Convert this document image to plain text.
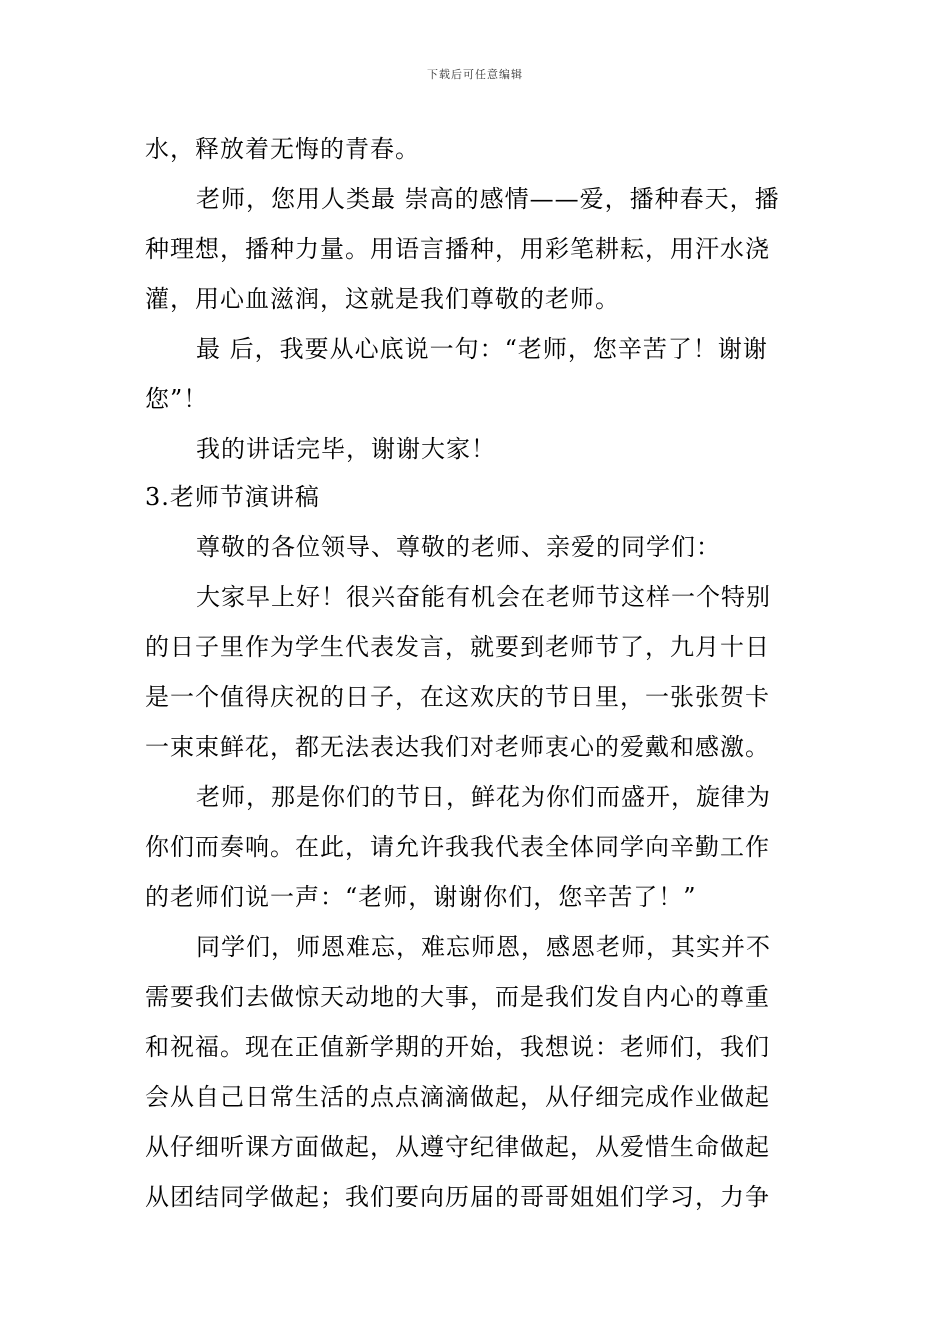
下载后可任意编辑
水，释放着无悔的青春。
老师，您用人类最 崇高的感情——爱，播种春天，播
种理想，播种力量。用语言播种，用彩笔耕耘，用汗水浇
灌，用心血滋润，这就是我们尊敬的老师。
最 后，我要从心底说一句：“老师，您辛苦了！谢谢
您”！
我的讲话完毕，谢谢大家！
3.老师节演讲稿
尊敬的各位领导、尊敬的老师、亲爱的同学们：
大家早上好！很兴奋能有机会在老师节这样一个特别
的日子里作为学生代表发言，就要到老师节了，九月十日
是一个值得庆祝的日子，在这欢庆的节日里，一张张贺卡
一束束鲜花，都无法表达我们对老师衷心的爱戴和感激。
老师，那是你们的节日，鲜花为你们而盛开，旋律为
你们而奏响。在此，请允许我我代表全体同学向辛勤工作
的老师们说一声：“老师，谢谢你们，您辛苦了！”
同学们，师恩难忘，难忘师恩，感恩老师，其实并不
需要我们去做惊天动地的大事，而是我们发自内心的尊重
和祝福。现在正值新学期的开始，我想说：老师们，我们
会从自己日常生活的点点滴滴做起，从仔细完成作业做起
从仔细听课方面做起，从遵守纪律做起，从爱惜生命做起
从团结同学做起；我们要向历届的哥哥姐姐们学习，力争
